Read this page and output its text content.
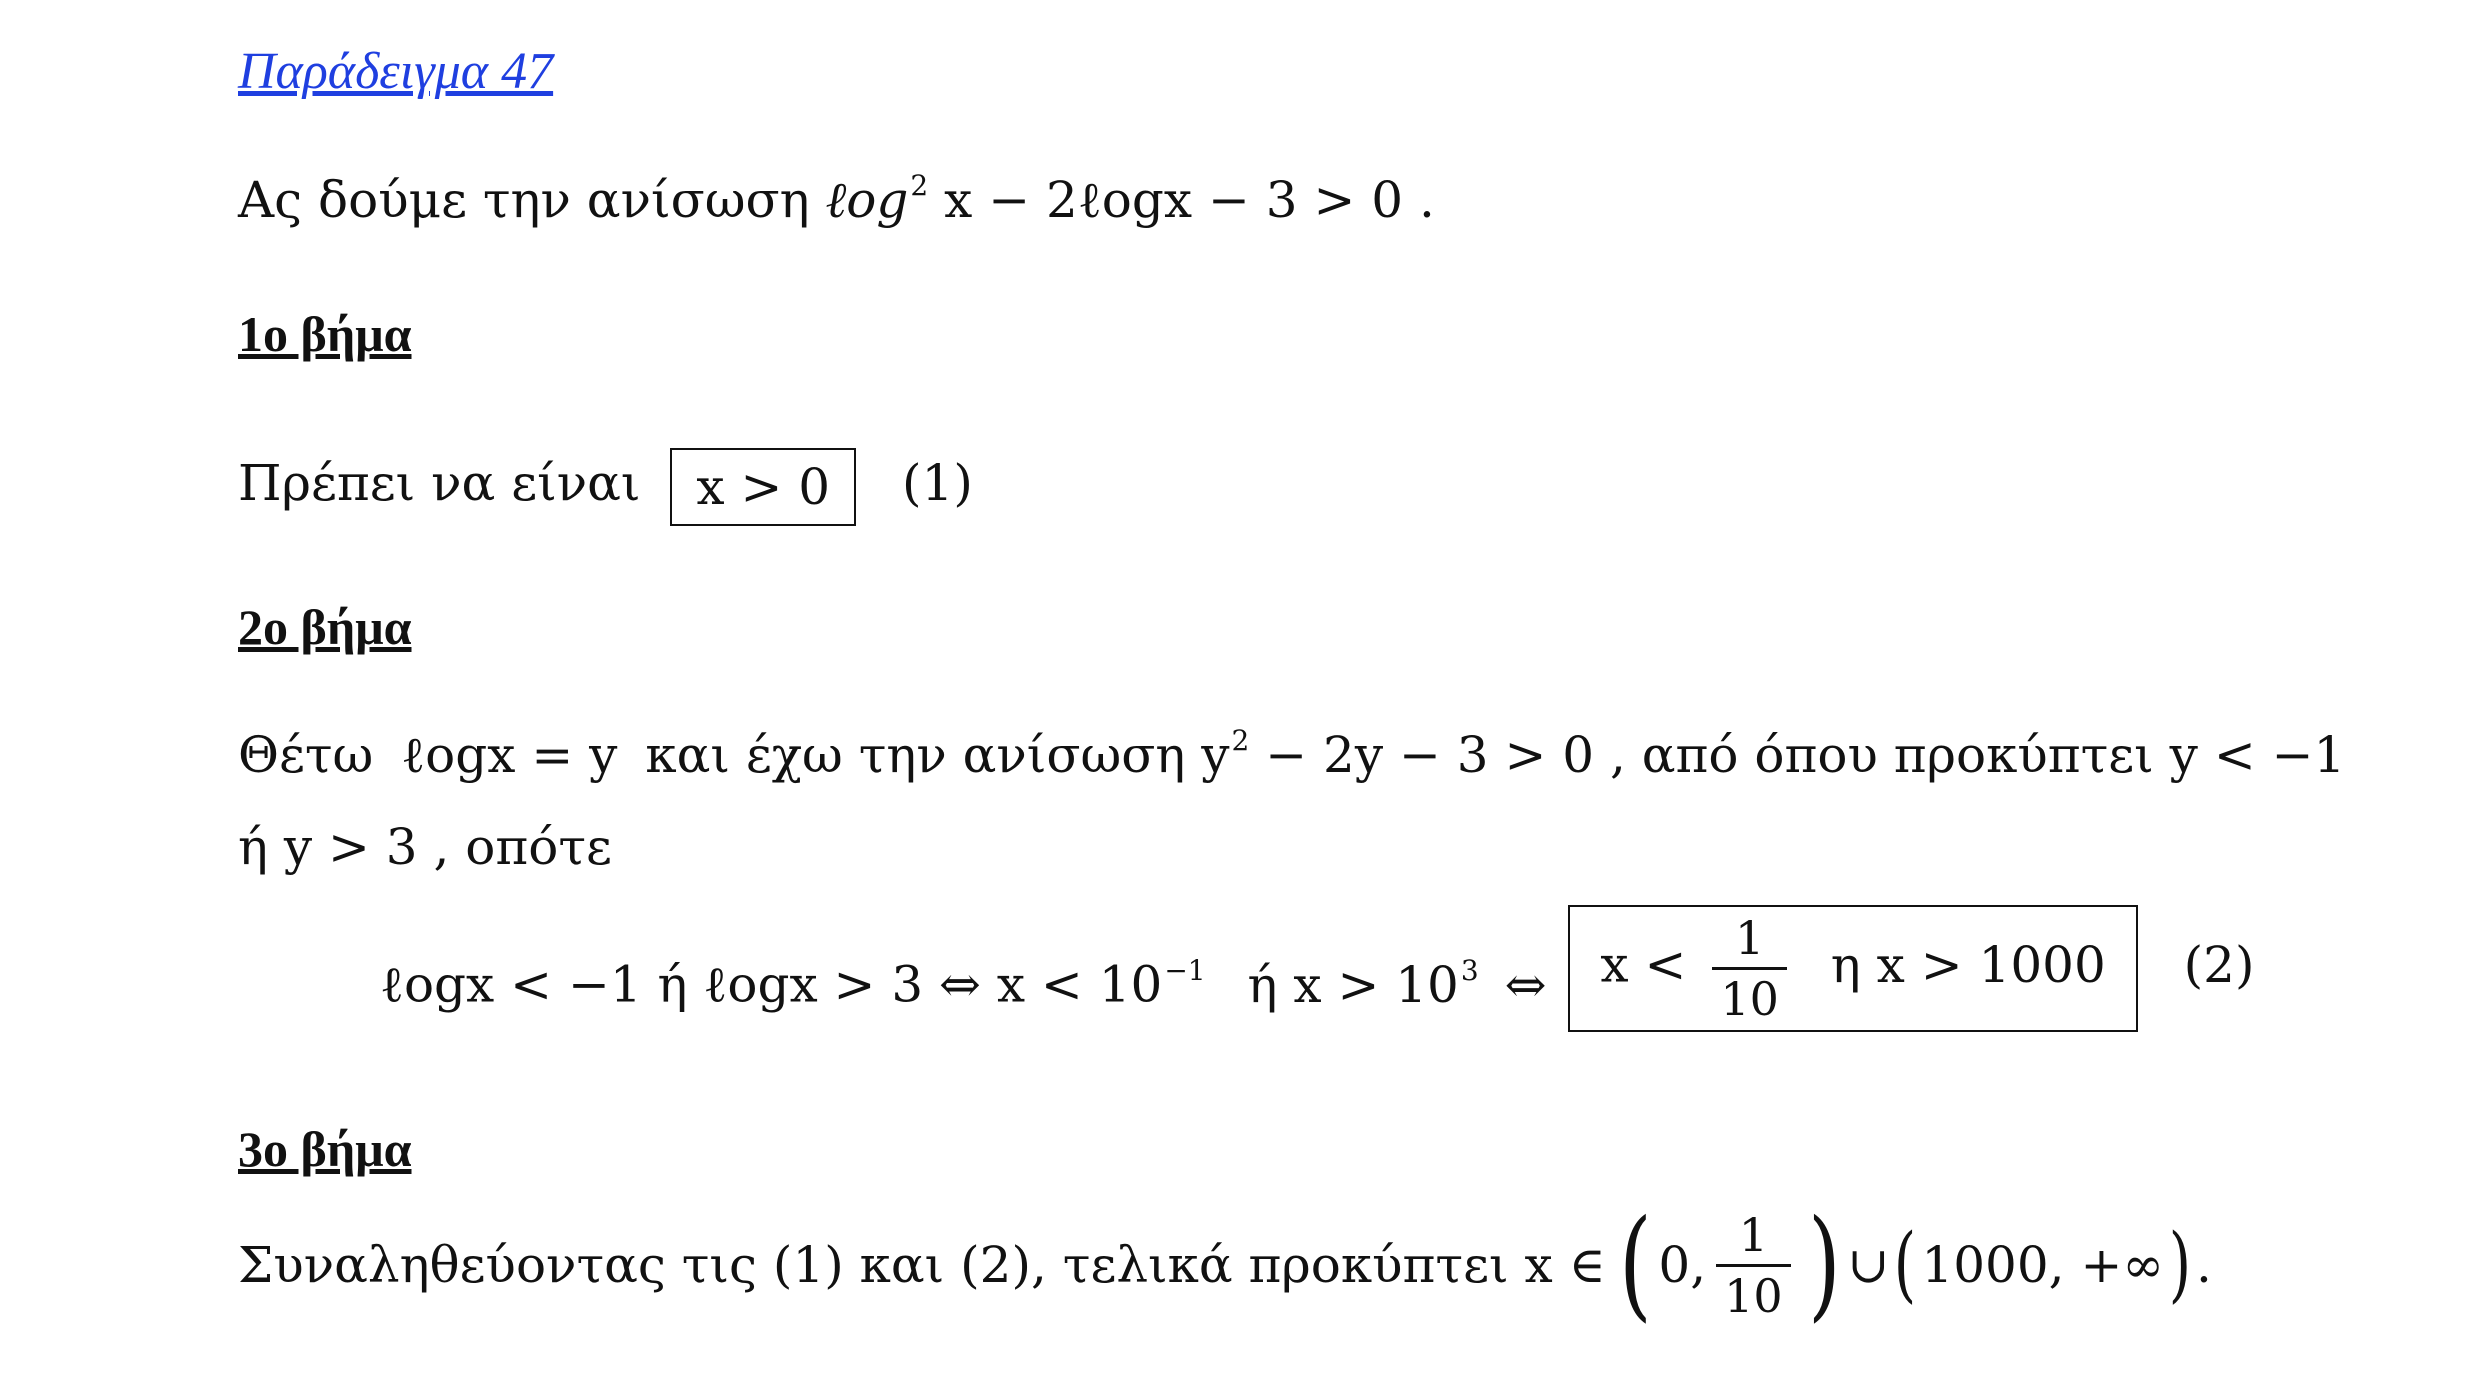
Παράδειγμα 47
Ας δούμε την ανίσωση ℓog$^2$ x − 2ℓogx − 3 > 0 .
1ο βήμα
Πρέπει να είναι x > 0 (1)
2ο βήμα
Θέτω ℓogx = y και έχω την ανίσωση $y^2 - 2y - 3 > 0$ , από όπου προκύπτει y < −1
ή y > 3 , οπότε
ℓogx < −1 ή ℓogx > 3 ⇔ $x < 10^{-1}$ ή $x > 10^3$ ⇔ $x < \frac{1}{10}$ η x > 1000 (2)
3ο βήμα
Συναληθεύοντας τις (1) και (2), τελικά προκύπτει x ∈ ( 0, $\frac{1}{10}$ ) ∪ ( 1000, +∞ ) .
